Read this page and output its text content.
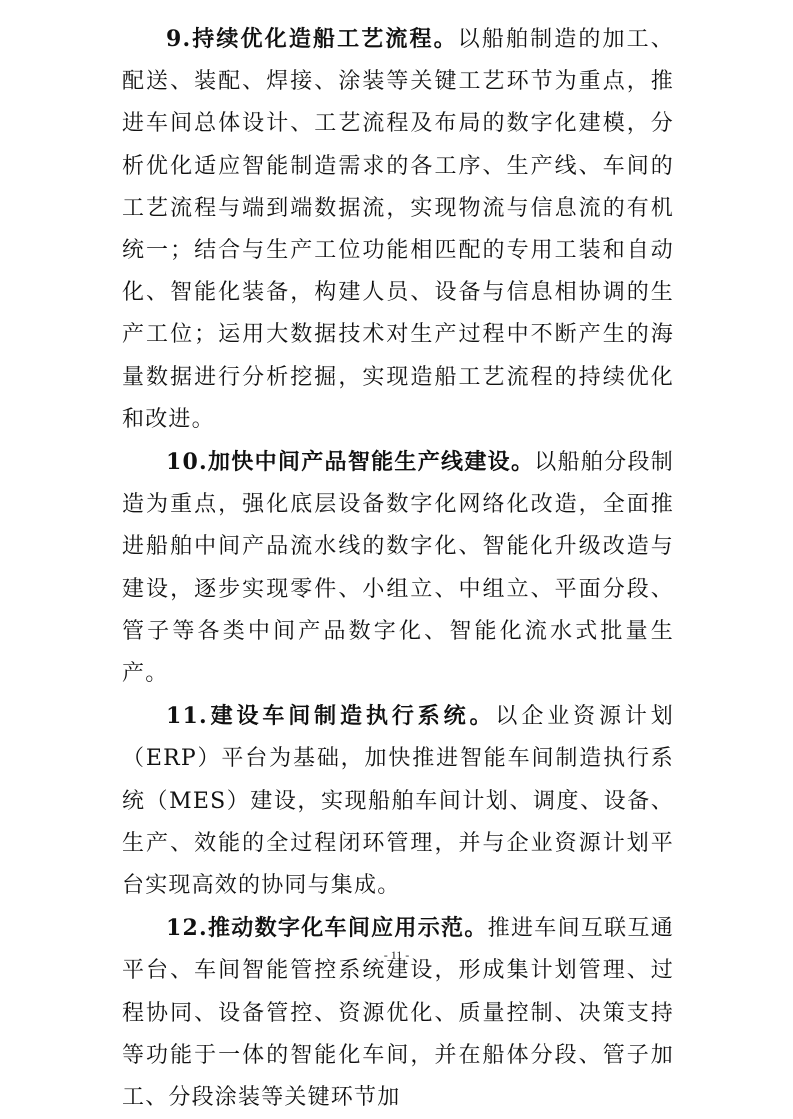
9.持续优化造船工艺流程。以船舶制造的加工、配送、装配、焊接、涂装等关键工艺环节为重点，推进车间总体设计、工艺流程及布局的数字化建模，分析优化适应智能制造需求的各工序、生产线、车间的工艺流程与端到端数据流，实现物流与信息流的有机统一；结合与生产工位功能相匹配的专用工装和自动化、智能化装备，构建人员、设备与信息相协调的生产工位；运用大数据技术对生产过程中不断产生的海量数据进行分析挖掘，实现造船工艺流程的持续优化和改进。

10.加快中间产品智能生产线建设。以船舶分段制造为重点，强化底层设备数字化网络化改造，全面推进船舶中间产品流水线的数字化、智能化升级改造与建设，逐步实现零件、小组立、中组立、平面分段、管子等各类中间产品数字化、智能化流水式批量生产。

11.建设车间制造执行系统。以企业资源计划（ERP）平台为基础，加快推进智能车间制造执行系统（MES）建设，实现船舶车间计划、调度、设备、生产、效能的全过程闭环管理，并与企业资源计划平台实现高效的协同与集成。

12.推动数字化车间应用示范。推进车间互联互通平台、车间智能管控系统建设，形成集计划管理、过程协同、设备管控、资源优化、质量控制、决策支持等功能于一体的智能化车间，并在船体分段、管子加工、分段涂装等关键环节加

- 11 -
